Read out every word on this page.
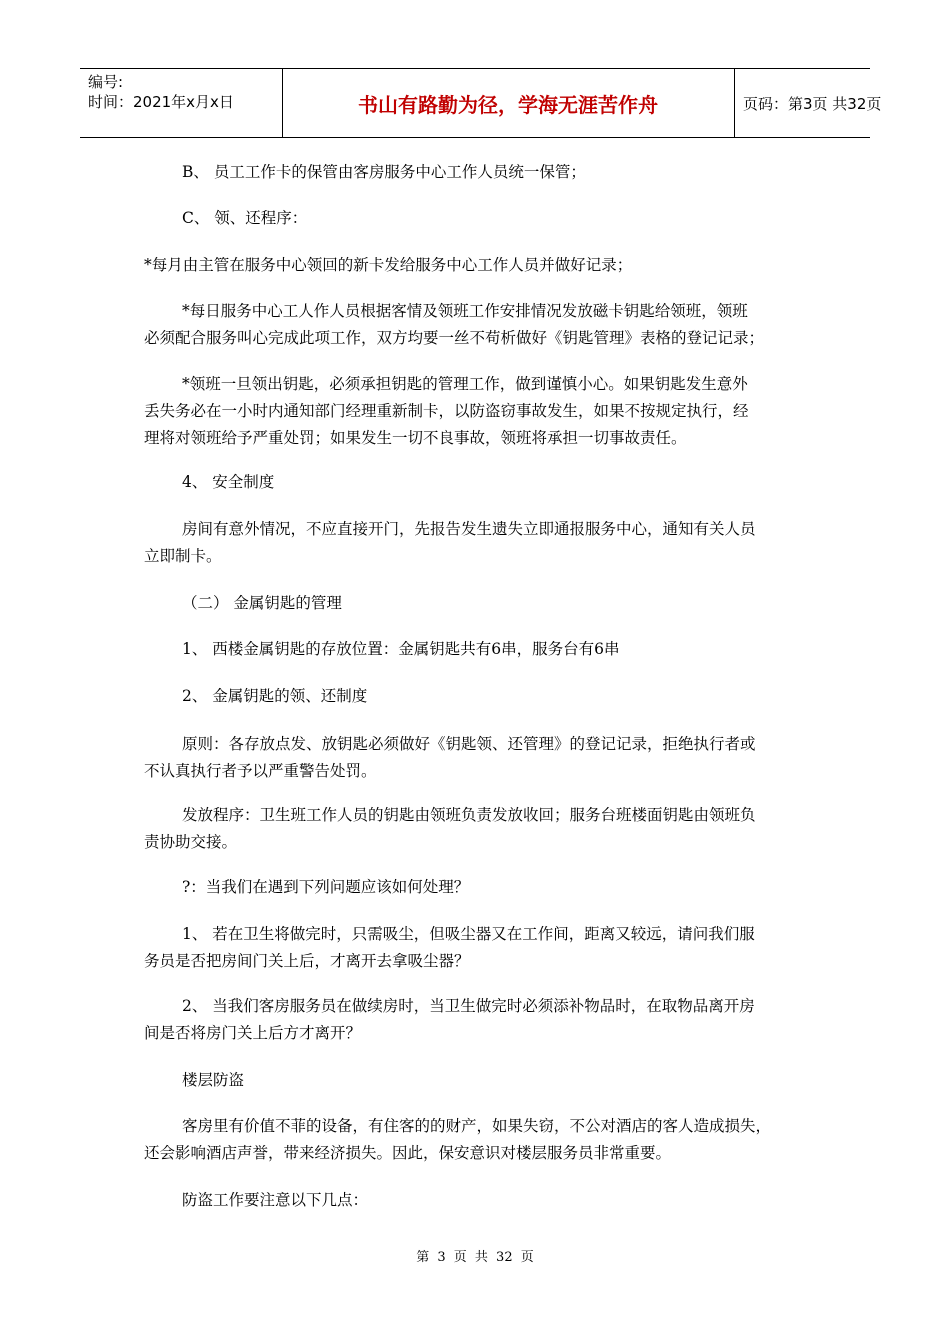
编号:
时间：2021年x月x日	书山有路勤为径，学海无涯苦作舟	页码：第3页 共32页
B、 员工工作卡的保管由客房服务中心工作人员统一保管；
C、 领、还程序：
*每月由主管在服务中心领回的新卡发给服务中心工作人员并做好记录；
*每日服务中心工人作人员根据客情及领班工作安排情况发放磁卡钥匙给领班，领班
必须配合服务叫心完成此项工作，双方均要一丝不苟析做好《钥匙管理》表格的登记记录；
*领班一旦领出钥匙，必须承担钥匙的管理工作，做到谨慎小心。如果钥匙发生意外
丢失务必在一小时内通知部门经理重新制卡，以防盗窃事故发生，如果不按规定执行，经
理将对领班给予严重处罚；如果发生一切不良事故，领班将承担一切事故责任。
4、 安全制度
房间有意外情况，不应直接开门，先报告发生遗失立即通报服务中心，通知有关人员
立即制卡。
（二） 金属钥匙的管理
1、 西楼金属钥匙的存放位置：金属钥匙共有6串，服务台有6串
2、 金属钥匙的领、还制度
原则：各存放点发、放钥匙必须做好《钥匙领、还管理》的登记记录，拒绝执行者或
不认真执行者予以严重警告处罚。
发放程序：卫生班工作人员的钥匙由领班负责发放收回；服务台班楼面钥匙由领班负
责协助交接。
?：当我们在遇到下列问题应该如何处理？
1、 若在卫生将做完时，只需吸尘，但吸尘器又在工作间，距离又较远，请问我们服
务员是否把房间门关上后，才离开去拿吸尘器？
2、 当我们客房服务员在做续房时，当卫生做完时必须添补物品时，在取物品离开房
间是否将房门关上后方才离开？
楼层防盗
客房里有价值不菲的设备，有住客的的财产，如果失窃，不公对酒店的客人造成损失，
还会影响酒店声誉，带来经济损失。因此，保安意识对楼层服务员非常重要。
防盗工作要注意以下几点：
第 3 页 共 32 页
